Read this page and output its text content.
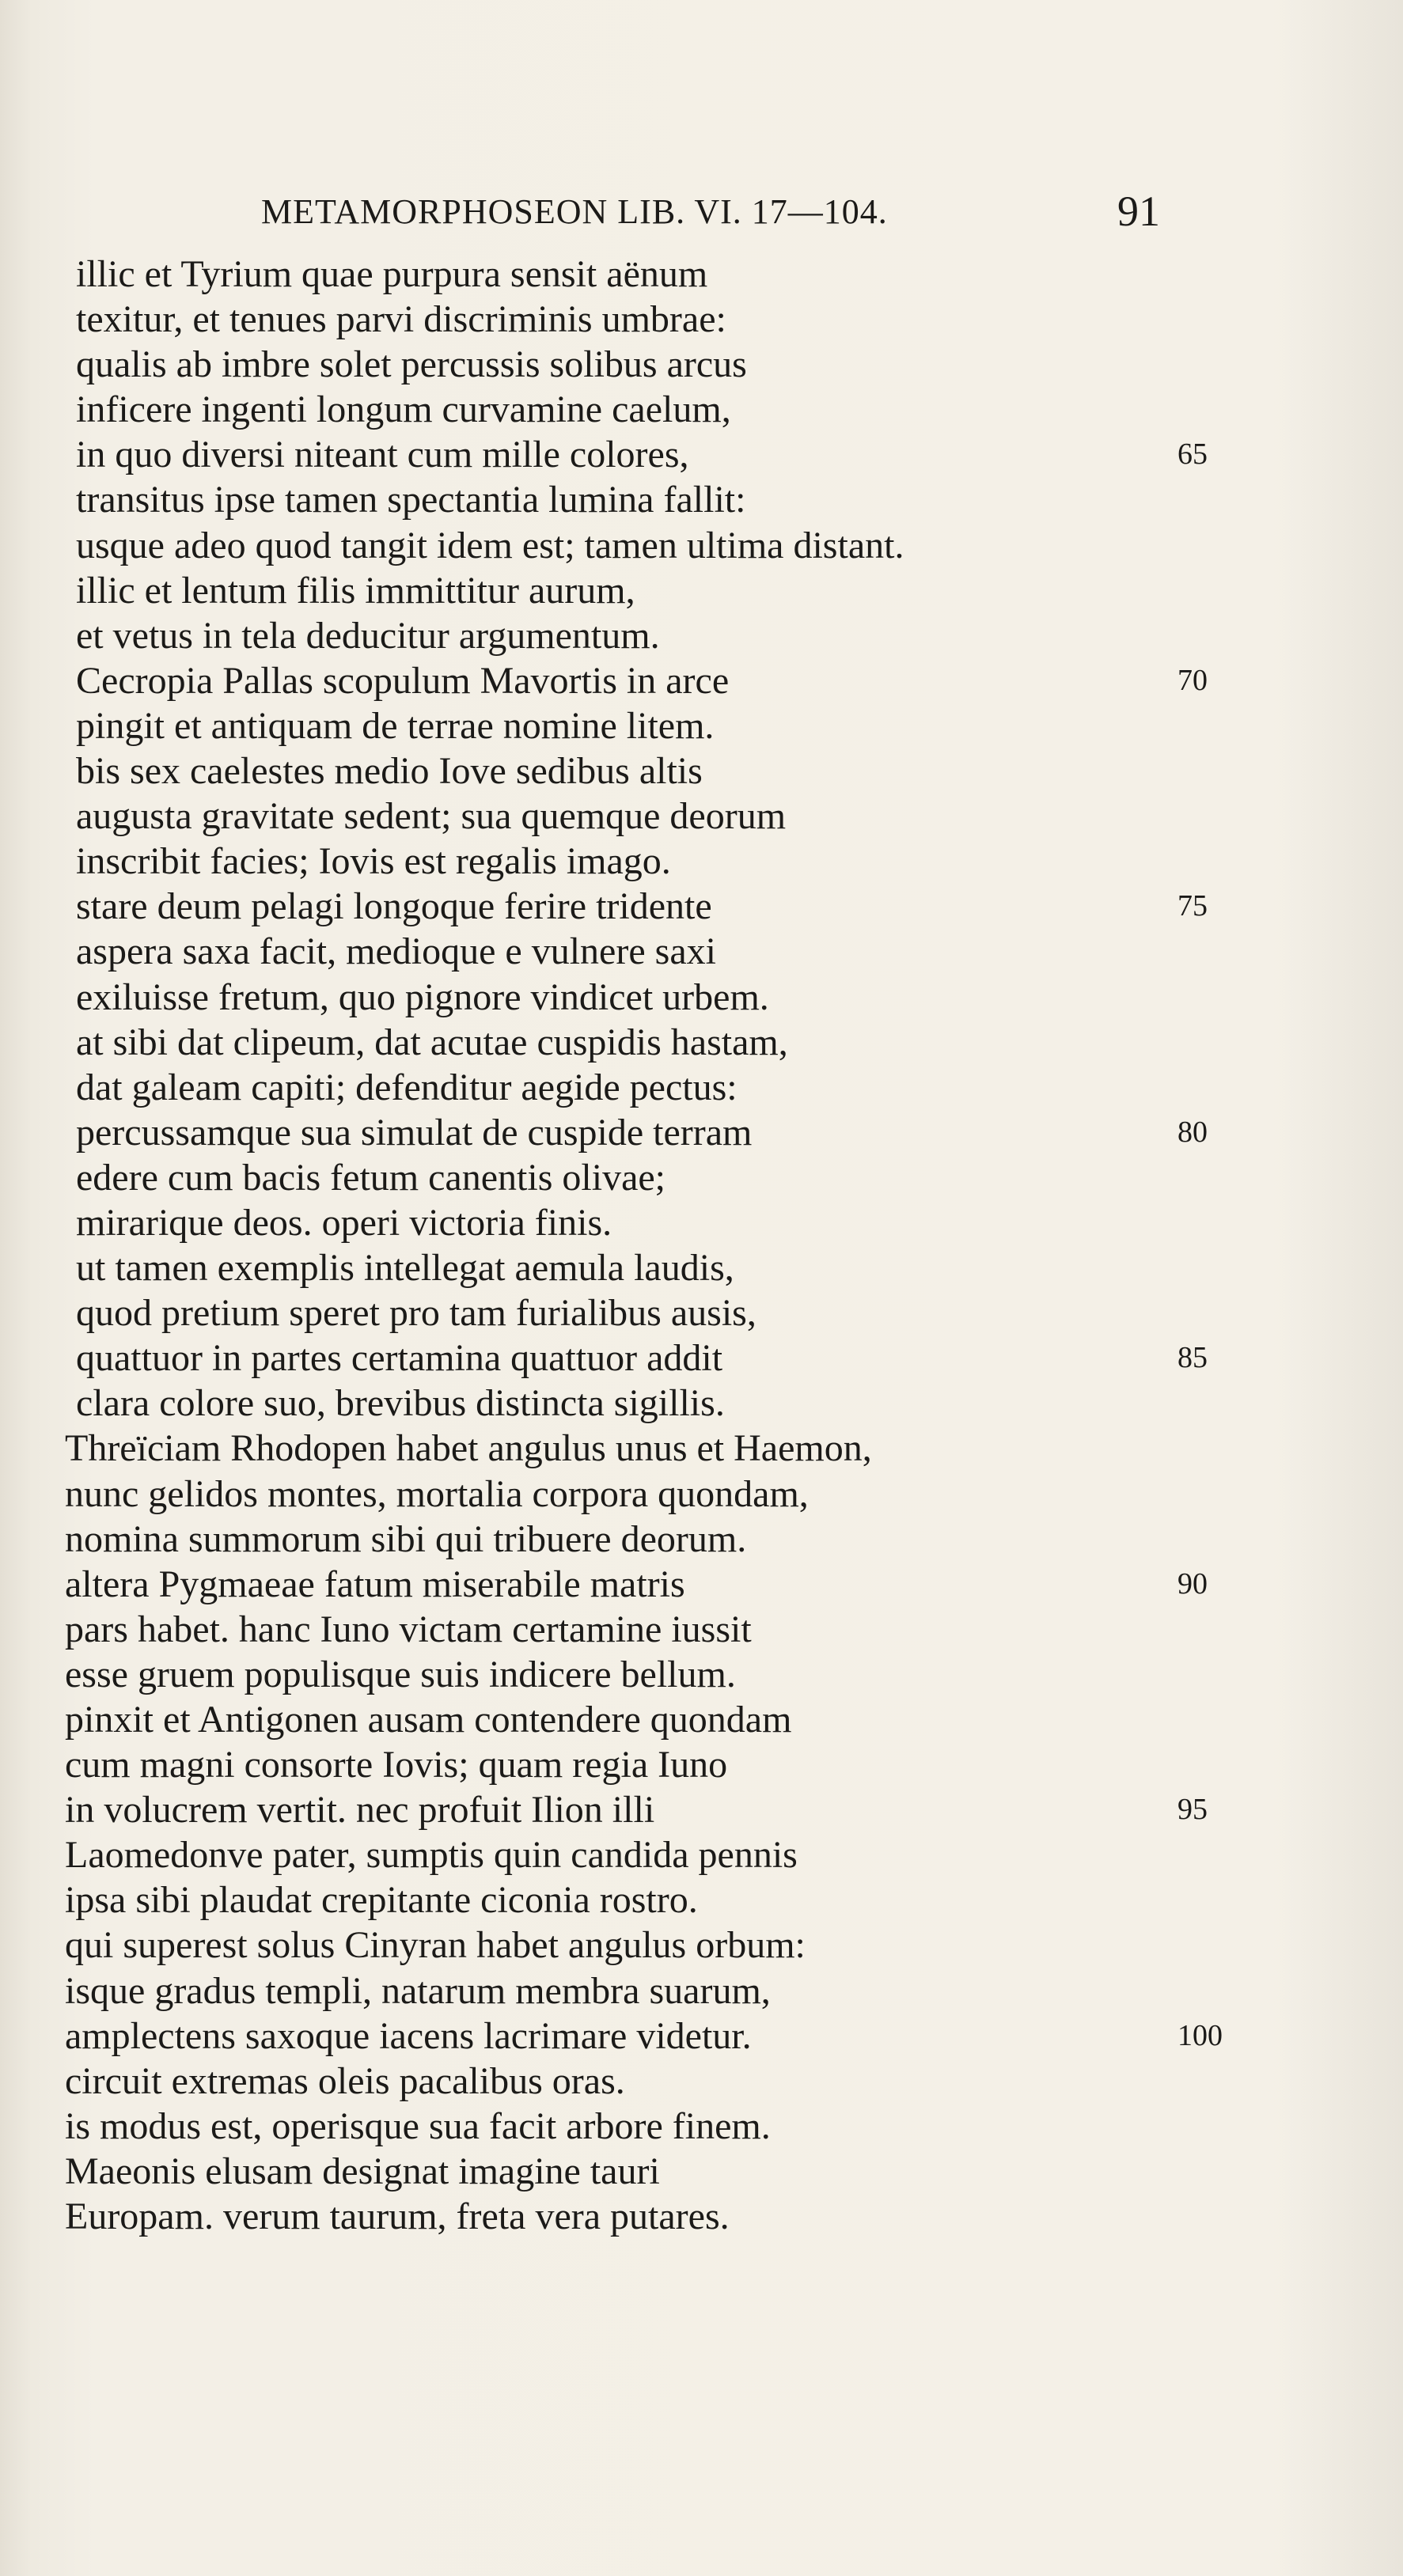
METAMORPHOSEON LIB. VI. 17—104.	91
illic et Tyrium quae purpura sensit aënum
texitur, et tenues parvi discriminis umbrae:
qualis ab imbre solet percussis solibus arcus
inficere ingenti longum curvamine caelum,
in quo diversi niteant cum mille colores,	65
transitus ipse tamen spectantia lumina fallit:
usque adeo quod tangit idem est; tamen ultima distant.
illic et lentum filis immittitur aurum,
et vetus in tela deducitur argumentum.
Cecropia Pallas scopulum Mavortis in arce	70
pingit et antiquam de terrae nomine litem.
bis sex caelestes medio Iove sedibus altis
augusta gravitate sedent; sua quemque deorum
inscribit facies; Iovis est regalis imago.
stare deum pelagi longoque ferire tridente	75
aspera saxa facit, medioque e vulnere saxi
exiluisse fretum, quo pignore vindicet urbem.
at sibi dat clipeum, dat acutae cuspidis hastam,
dat galeam capiti; defenditur aegide pectus:
percussamque sua simulat de cuspide terram	80
edere cum bacis fetum canentis olivae;
mirarique deos. operi victoria finis.
ut tamen exemplis intellegat aemula laudis,
quod pretium speret pro tam furialibus ausis,
quattuor in partes certamina quattuor addit	85
clara colore suo, brevibus distincta sigillis.
Threïciam Rhodopen habet angulus unus et Haemon,
nunc gelidos montes, mortalia corpora quondam,
nomina summorum sibi qui tribuere deorum.
altera Pygmaeae fatum miserabile matris	90
pars habet. hanc Iuno victam certamine iussit
esse gruem populisque suis indicere bellum.
pinxit et Antigonen ausam contendere quondam
cum magni consorte Iovis; quam regia Iuno
in volucrem vertit. nec profuit Ilion illi	95
Laomedonve pater, sumptis quin candida pennis
ipsa sibi plaudat crepitante ciconia rostro.
qui superest solus Cinyran habet angulus orbum:
isque gradus templi, natarum membra suarum,
amplectens saxoque iacens lacrimare videtur.	100
circuit extremas oleis pacalibus oras.
is modus est, operisque sua facit arbore finem.
Maeonis elusam designat imagine tauri
Europam. verum taurum, freta vera putares.
